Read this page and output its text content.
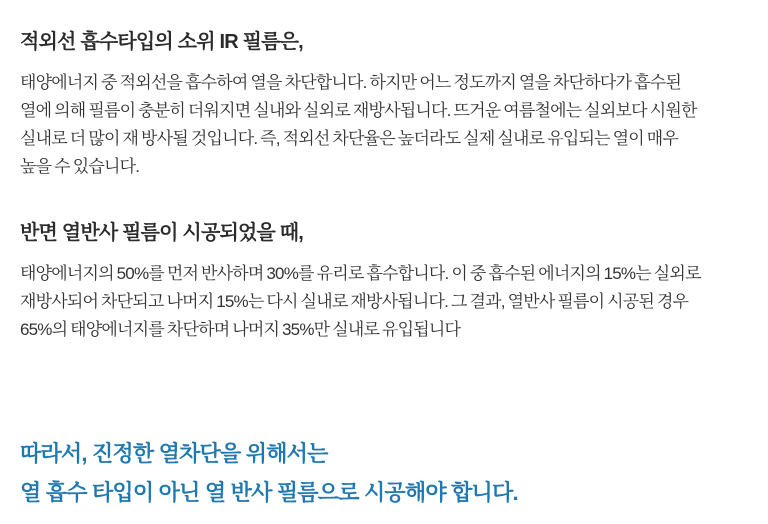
적외선 흡수타입의 소위 IR 필름은,

태양에너지 중 적외선을 흡수하여 열을 차단합니다. 하지만 어느 정도까지 열을 차단하다가 흡수된
열에 의해 필름이 충분히 더워지면 실내와 실외로 재방사됩니다. 뜨거운 여름철에는 실외보다 시원한
실내로 더 많이 재 방사될 것입니다. 즉, 적외선 차단율은 높더라도 실제 실내로 유입되는 열이 매우
높을 수 있습니다.

반면 열반사 필름이 시공되었을 때,

태양에너지의 50%를 먼저 반사하며 30%를 유리로 흡수합니다. 이 중 흡수된 에너지의 15%는 실외로
재방사되어 차단되고 나머지 15%는 다시 실내로 재방사됩니다. 그 결과, 열반사 필름이 시공된 경우
65%의 태양에너지를 차단하며 나머지 35%만 실내로 유입됩니다

따라서, 진정한 열차단을 위해서는
열 흡수 타입이 아닌 열 반사 필름으로 시공해야 합니다.
